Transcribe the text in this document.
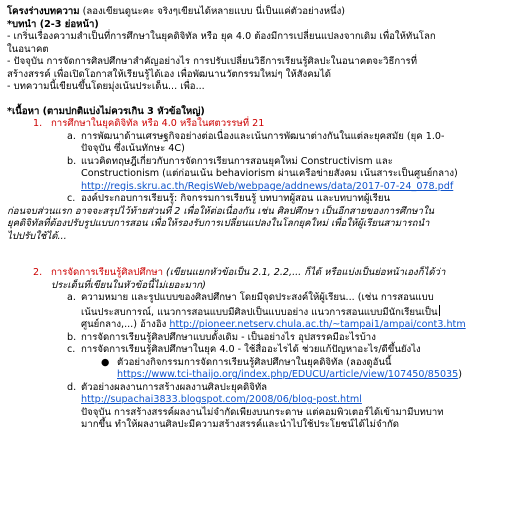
โครงร่างบทความ (ลองเขียนดูนะคะ จริงๆเขียนได้หลายแบบ นี่เป็นแค่ตัวอย่างหนึ่ง)
*บทนำ (2-3 ย่อหน้า)
- เกริ่นเรื่องความสำเป็นที่การศึกษาในยุคดิจิทัล หรือ ยุค 4.0 ต้องมีการเปลี่ยนแปลงจากเดิม เพื่อให้ทันโลก
ในอนาคต
- ปัจจุบัน การจัดการศิลปศึกษาสำคัญอย่างไร การปรับเปลี่ยนวิธีการเรียนรู้ศิลปะในอนาคตจะวิธีการที่
สร้างสรรค์ เพื่อเปิดโอกาสให้เรียนรู้ได้เอง เพื่อพัฒนานวัตกรรมใหม่ๆ ให้สังคมได้
- บทความนี้เขียนขึ้นโดยมุ่งเน้นประเด็น... เพื่อ...
*เนื้อหา (ตามปกติแบ่งไม่ควรเกิน 3 หัวข้อใหญ่)
1. การศึกษาในยุคดิจิทัล หรือ 4.0 หรือในศตวรรษที่ 21
a. การพัฒนาด้านเศรษฐกิจอย่างต่อเนื่องและเน้นการพัฒนาต่างกันในแต่ละยุคสมัย (ยุค 1.0-
ปัจจุบัน ซึ่งเน้นทักษะ 4C)
b. แนวคิดทฤษฎีเกี่ยวกับการจัดการเรียนการสอนยุคใหม่ Constructivism และ
Constructionism (แต่ก่อนเน้น behaviorism ผ่านเครือข่ายสังคม เน้นสาระเป็นศูนย์กลาง)
http://regis.skru.ac.th/RegisWeb/webpage/addnews/data/2017-07-24_078.pdf
c. องค์ประกอบการเรียนรู้: กิจกรรมการเรียนรู้ บทบาทผู้สอน และบทบาทผู้เรียน
ก่อนจบส่วนแรก อาจจะสรุปไว้ท้ายส่วนที่ 2 เพื่อให้ต่อเนื่องกัน เช่น ศิลปศึกษา เป็นอีกสายของการศึกษาใน
ยุคดิจิทัลที่ต้องปรับรูปแบบการสอน เพื่อให้รองรับการเปลี่ยนแปลงในโลกยุคใหม่ เพื่อให้ผู้เรียนสามารถนำ
ไปปรับใช้ได้...
2. การจัดการเรียนรู้ศิลปศึกษา (เขียนแยกหัวข้อเป็น 2.1, 2.2,... ก็ได้ หรือแบ่งเป็นย่อหน้าเองก็ได้ว่า
ประเด็นที่เขียนในหัวข้อนี้ไม่เยอะมาก)
a. ความหมาย และรูปแบบของศิลปศึกษา โดยมีจุดประสงค์ให้ผู้เรียน... (เช่น การสอนแบบ
เน้นประสบการณ์, แนวการสอนแบบมีศิลปเป็นแบบอย่าง แนวการสอนแบบมีนักเรียนเป็น
ศูนย์กลาง,...) อ้างอิง http://pioneer.netserv.chula.ac.th/~tampai1/ampai/cont3.htm
b. การจัดการเรียนรู้ศิลปศึกษาแบบดั้งเดิม - เป็นอย่างไร อุปสรรคมีอะไรบ้าง
c. การจัดการเรียนรู้ศิลปศึกษาในยุค 4.0 - ใช้สื่ออะไรได้ ช่วยแก้ปัญหาอะไร/ดีขึ้นยังไง
● ตัวอย่างกิจกรรมการจัดการเรียนรู้ศิลปศึกษาในยุคดิจิทัล (ลองดูอันนี้
https://www.tci-thaijo.org/index.php/EDUCU/article/view/107450/85035)
d. ตัวอย่างผลงานการสร้างผลงานศิลปะยุคดิจิทัล
http://supachai3833.blogspot.com/2008/06/blog-post.html
ปัจจุบัน การสร้างสรรค์ผลงานไม่จำกัดเพียงบนกระดาษ แต่คอมพิวเตอร์ได้เข้ามามีบทบาท
มากขึ้น ทำให้ผลงานศิลปะมีความสร้างสรรค์และนำไปใช้ประโยชน์ได้ไม่จำกัด
